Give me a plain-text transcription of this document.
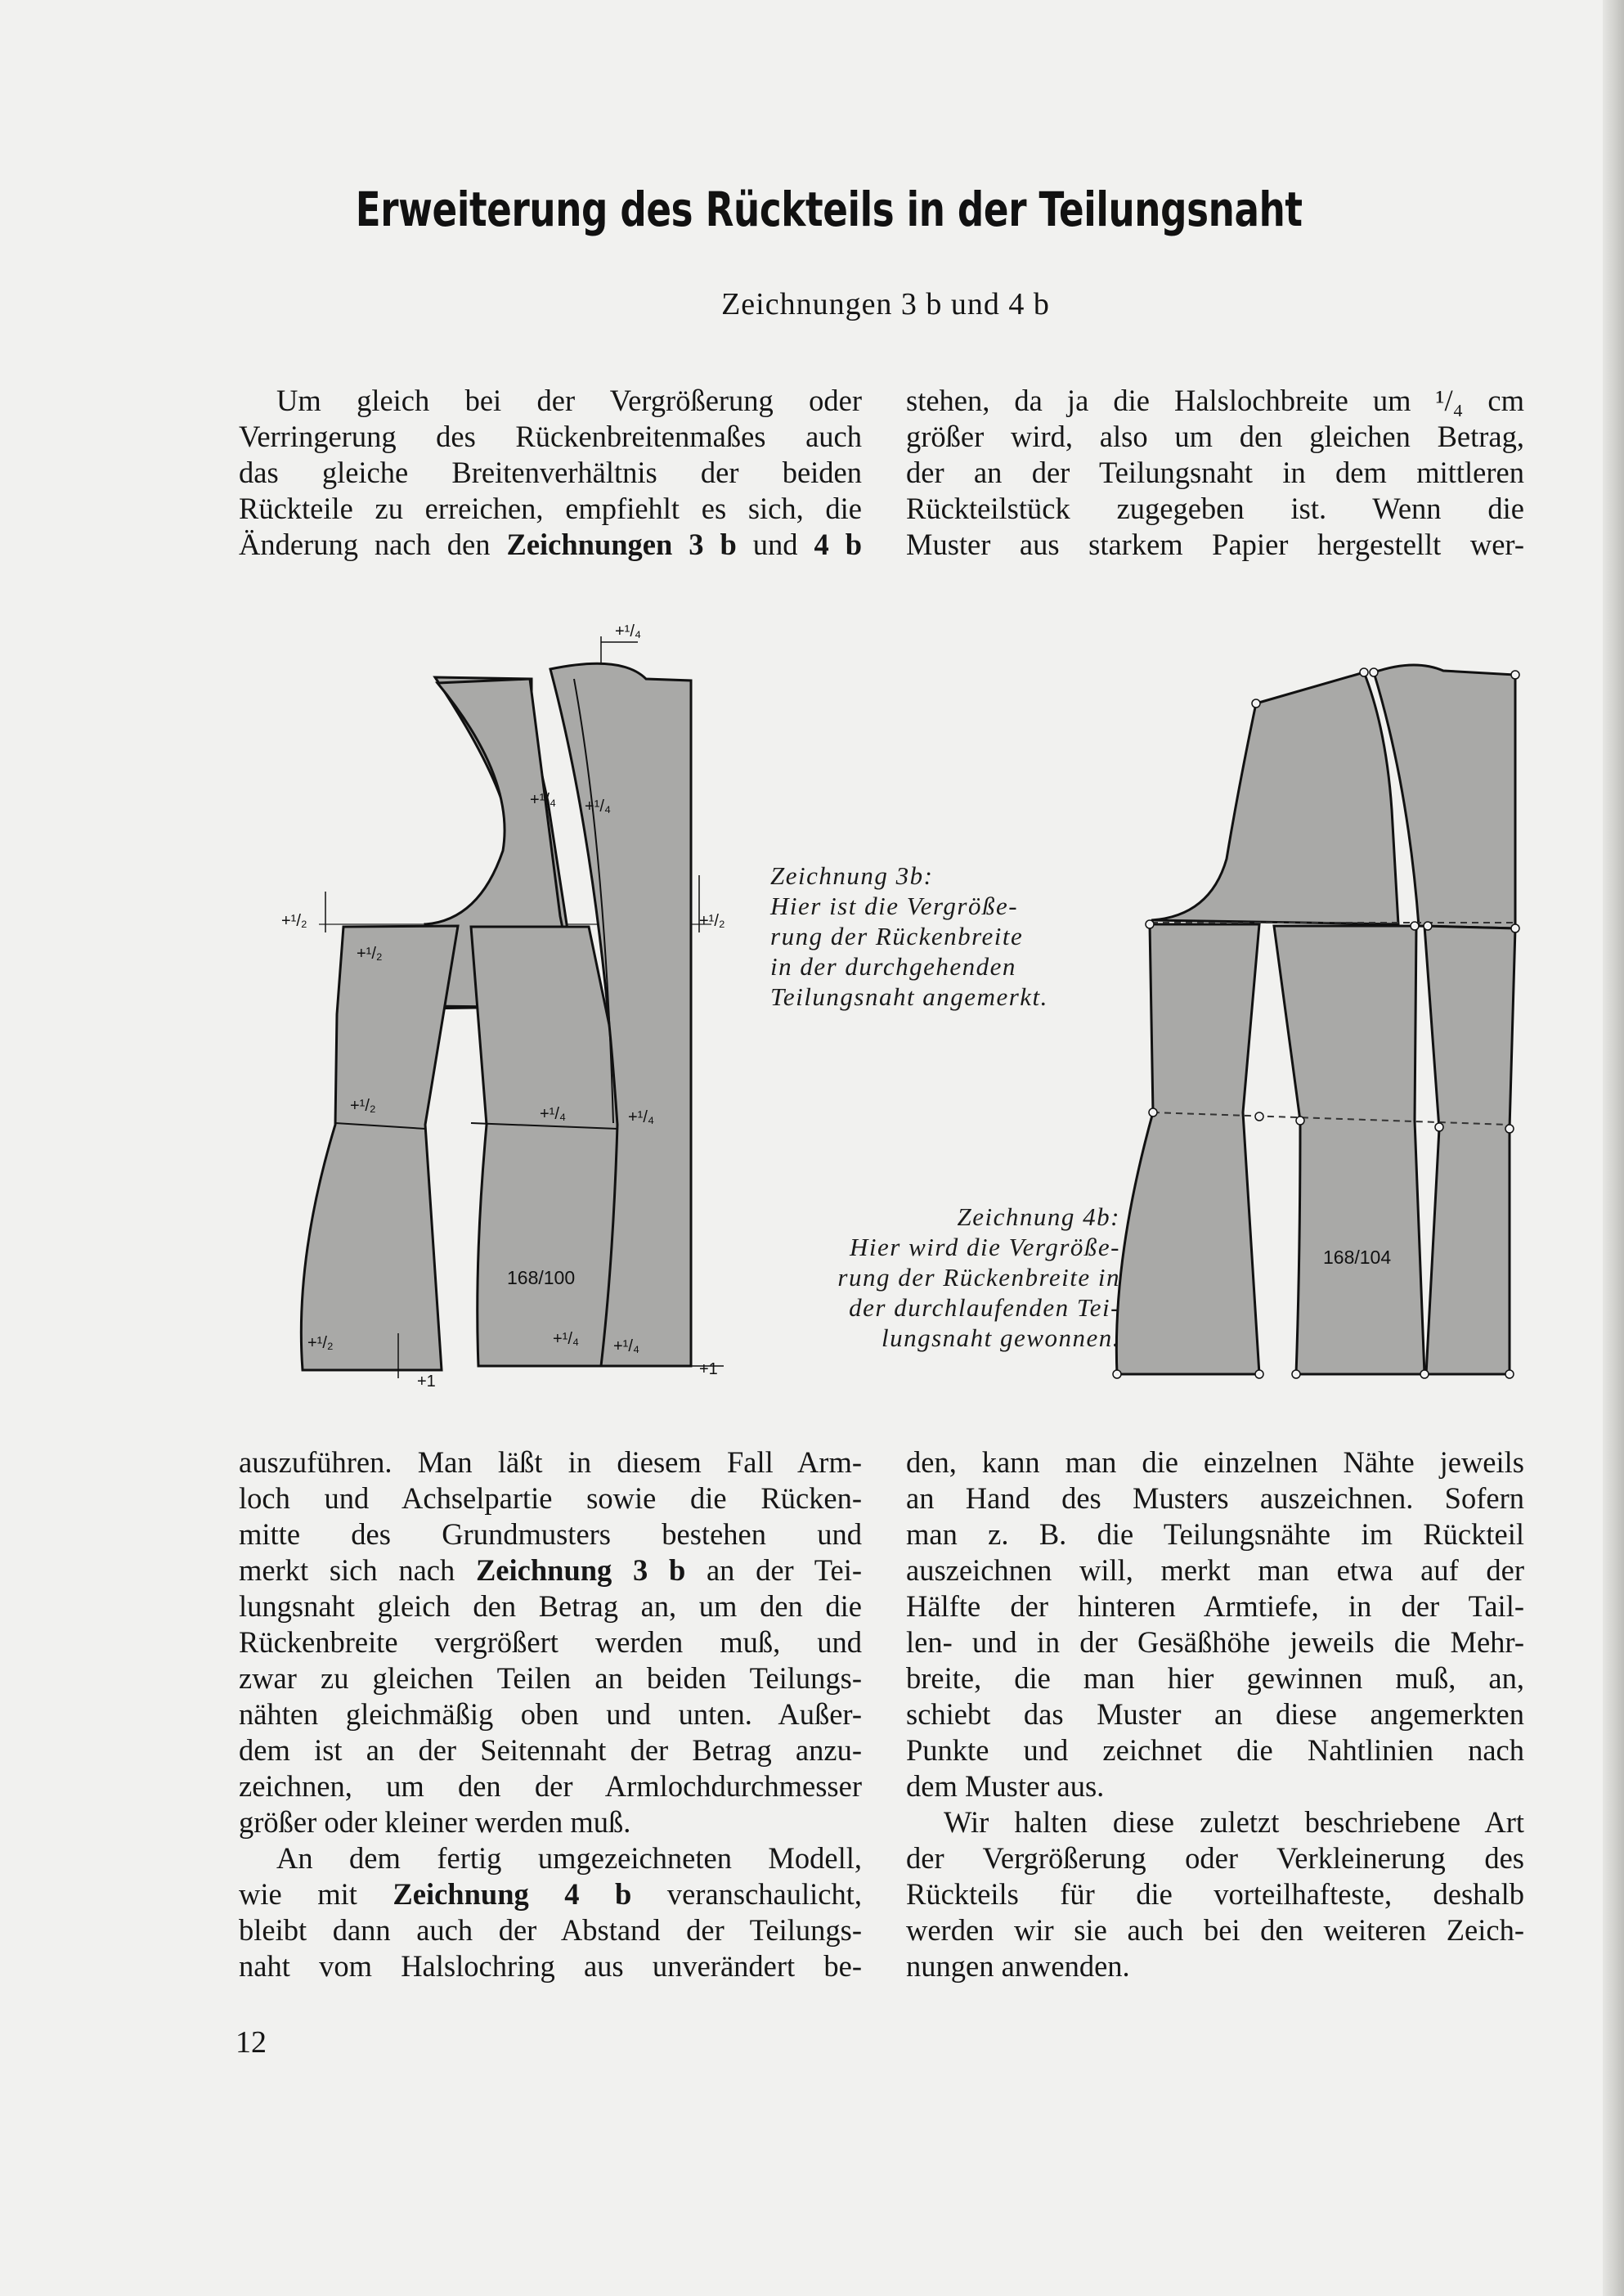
Erweiterung des Rückteils in der Teilungsnaht
Zeichnungen 3 b und 4 b
Um gleich bei der Vergrößerung oder
Verringerung des Rückenbreitenmaßes auch
das gleiche Breitenverhältnis der beiden
Rückteile zu erreichen, empfiehlt es sich, die
Änderung nach den Zeichnungen 3 b und 4 b
stehen, da ja die Halslochbreite um ¹/₄ cm
größer wird, also um den gleichen Betrag,
der an der Teilungsnaht in dem mittleren
Rückteilstück zugegeben ist. Wenn die
Muster aus starkem Papier hergestellt wer-
+¹/₄
+¹/₄ +¹/₄
+¹/₂	+¹/₂
+¹/₂
+¹/₂	+¹/₄	+¹/₄
+¹/₂	+¹/₄ +¹/₄
+1
+1
168/100
168/104
Zeichnung 3b:
Hier ist die Vergröße-
rung der Rückenbreite
in der durchgehenden
Teilungsnaht angemerkt.
Zeichnung 4b:
Hier wird die Vergröße-
rung der Rückenbreite in
der durchlaufenden Tei-
lungsnaht gewonnen.
auszuführen. Man läßt in diesem Fall Arm-
loch und Achselpartie sowie die Rücken-
mitte des Grundmusters bestehen und
merkt sich nach Zeichnung 3 b an der Tei-
lungsnaht gleich den Betrag an, um den die
Rückenbreite vergrößert werden muß, und
zwar zu gleichen Teilen an beiden Teilungs-
nähten gleichmäßig oben und unten. Außer-
dem ist an der Seitennaht der Betrag anzu-
zeichnen, um den der Armlochdurchmesser
größer oder kleiner werden muß.
An dem fertig umgezeichneten Modell,
wie mit Zeichnung 4 b veranschaulicht,
bleibt dann auch der Abstand der Teilungs-
naht vom Halslochring aus unverändert be-
den, kann man die einzelnen Nähte jeweils
an Hand des Musters auszeichnen. Sofern
man z. B. die Teilungsnähte im Rückteil
auszeichnen will, merkt man etwa auf der
Hälfte der hinteren Armtiefe, in der Tail-
len- und in der Gesäßhöhe jeweils die Mehr-
breite, die man hier gewinnen muß, an,
schiebt das Muster an diese angemerkten
Punkte und zeichnet die Nahtlinien nach
dem Muster aus.
Wir halten diese zuletzt beschriebene Art
der Vergrößerung oder Verkleinerung des
Rückteils für die vorteilhafteste, deshalb
werden wir sie auch bei den weiteren Zeich-
nungen anwenden.
12
